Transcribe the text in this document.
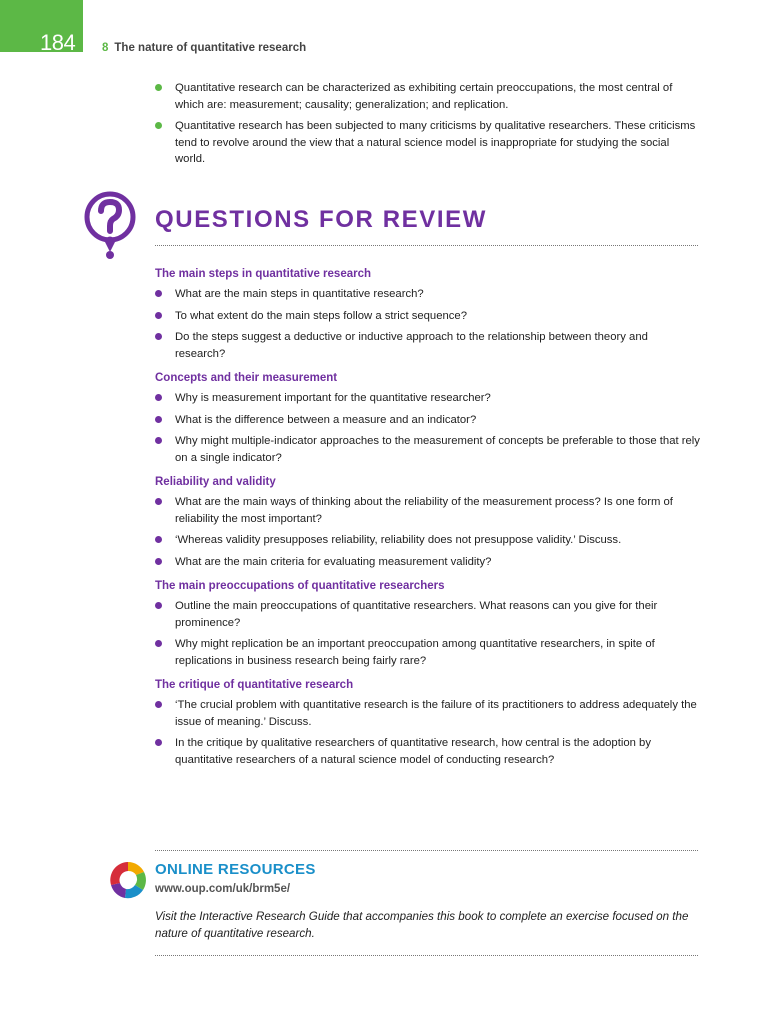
184 8 The nature of quantitative research
Quantitative research can be characterized as exhibiting certain preoccupations, the most central of which are: measurement; causality; generalization; and replication.
Quantitative research has been subjected to many criticisms by qualitative researchers. These criticisms tend to revolve around the view that a natural science model is inappropriate for studying the social world.
QUESTIONS FOR REVIEW
The main steps in quantitative research
What are the main steps in quantitative research?
To what extent do the main steps follow a strict sequence?
Do the steps suggest a deductive or inductive approach to the relationship between theory and research?
Concepts and their measurement
Why is measurement important for the quantitative researcher?
What is the difference between a measure and an indicator?
Why might multiple-indicator approaches to the measurement of concepts be preferable to those that rely on a single indicator?
Reliability and validity
What are the main ways of thinking about the reliability of the measurement process? Is one form of reliability the most important?
‘Whereas validity presupposes reliability, reliability does not presuppose validity.’ Discuss.
What are the main criteria for evaluating measurement validity?
The main preoccupations of quantitative researchers
Outline the main preoccupations of quantitative researchers. What reasons can you give for their prominence?
Why might replication be an important preoccupation among quantitative researchers, in spite of replications in business research being fairly rare?
The critique of quantitative research
‘The crucial problem with quantitative research is the failure of its practitioners to address adequately the issue of meaning.’ Discuss.
In the critique by qualitative researchers of quantitative research, how central is the adoption by quantitative researchers of a natural science model of conducting research?
ONLINE RESOURCES
www.oup.com/uk/brm5e/
Visit the Interactive Research Guide that accompanies this book to complete an exercise focused on the nature of quantitative research.
